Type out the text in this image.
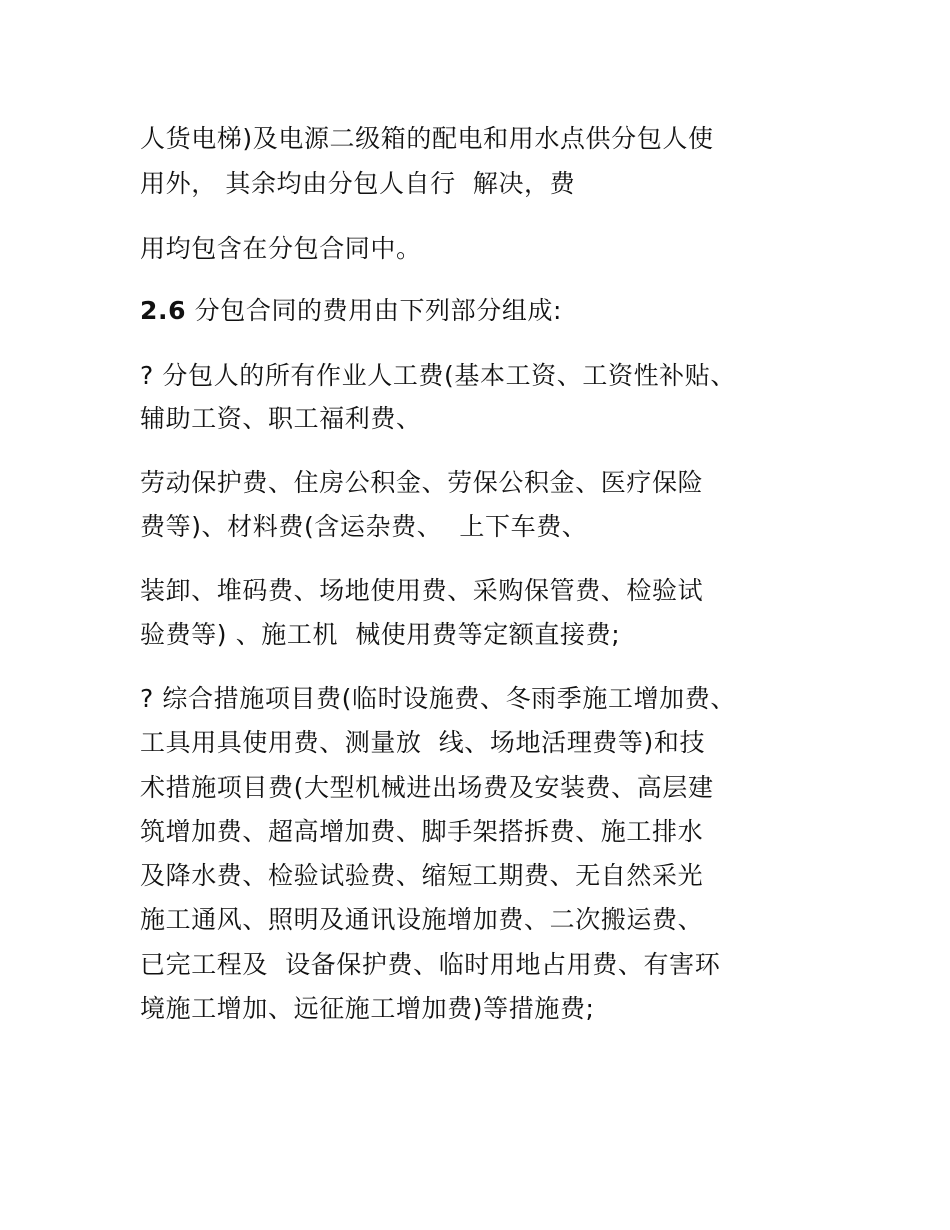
人货电梯)及电源二级箱的配电和用水点供分包人使
用外， 其余均由分包人自行  解决，费
用均包含在分包合同中。
2.6 分包合同的费用由下列部分组成:
? 分包人的所有作业人工费(基本工资、工资性补贴、
辅助工资、职工福利费、
劳动保护费、住房公积金、劳保公积金、医疗保险
费等)、材料费(含运杂费、  上下车费、
装卸、堆码费、场地使用费、采购保管费、检验试
验费等) 、施工机  械使用费等定额直接费;
? 综合措施项目费(临时设施费、冬雨季施工增加费、
工具用具使用费、测量放  线、场地活理费等)和技
术措施项目费(大型机械进出场费及安装费、高层建
筑增加费、超高增加费、脚手架搭拆费、施工排水
及降水费、检验试验费、缩短工期费、无自然采光
施工通风、照明及通讯设施增加费、二次搬运费、
已完工程及  设备保护费、临时用地占用费、有害环
境施工增加、远征施工增加费)等措施费;
